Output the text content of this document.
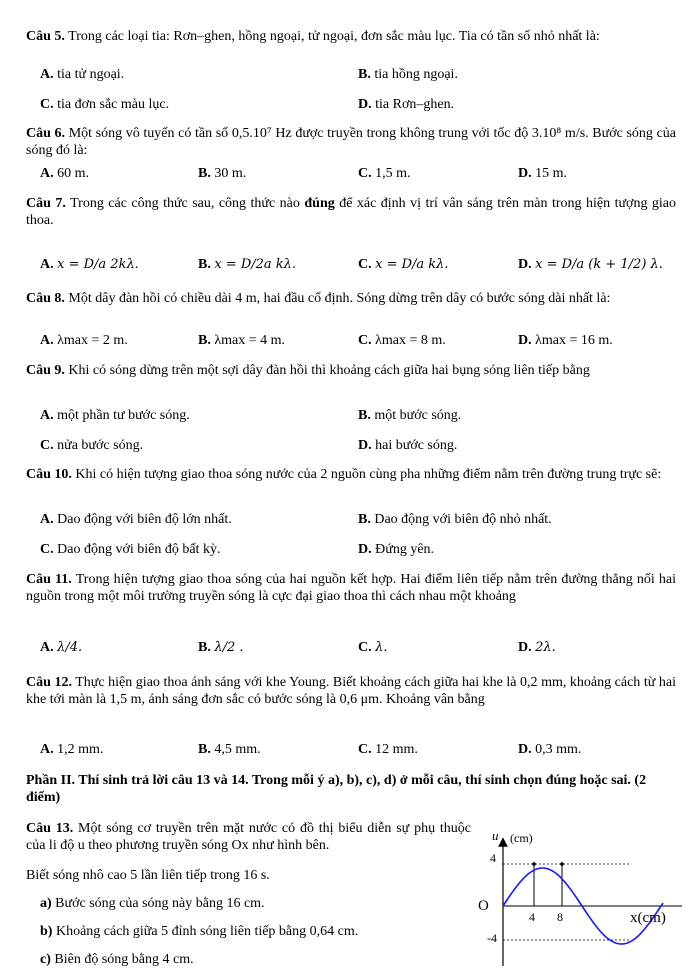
Câu 5. Trong các loại tia: Rơn–ghen, hồng ngoại, tử ngoại, đơn sắc màu lục. Tia có tần số nhỏ nhất là:
A. tia tử ngoại.	B. tia hồng ngoại.
C. tia đơn sắc màu lục.	D. tia Rơn–ghen.
Câu 6. Một sóng vô tuyến có tần số 0,5.10⁷ Hz được truyền trong không trung với tốc độ 3.10⁸ m/s. Bước sóng của sóng đó là:
A. 60 m.	B. 30 m.	C. 1,5 m.	D. 15 m.
Câu 7. Trong các công thức sau, công thức nào đúng để xác định vị trí vân sáng trên màn trong hiện tượng giao thoa.
A. x = D/a 2kλ.	B. x = D/2a kλ.	C. x = D/a kλ.	D. x = D/a (k + 1/2) λ.
Câu 8. Một dây đàn hồi có chiều dài 4 m, hai đầu cố định. Sóng dừng trên dây có bước sóng dài nhất là:
A. λmax = 2 m.	B. λmax = 4 m.	C. λmax = 8 m.	D. λmax = 16 m.
Câu 9. Khi có sóng dừng trên một sợi dây đàn hồi thì khoảng cách giữa hai bụng sóng liên tiếp bằng
A. một phần tư bước sóng.	B. một bước sóng.
C. nửa bước sóng.	D. hai bước sóng.
Câu 10. Khi có hiện tượng giao thoa sóng nước của 2 nguồn cùng pha những điểm nằm trên đường trung trực sẽ:
A. Dao động với biên độ lớn nhất.	B. Dao động với biên độ nhỏ nhất.
C. Dao động với biên độ bất kỳ.	D. Đứng yên.
Câu 11. Trong hiện tượng giao thoa sóng của hai nguồn kết hợp. Hai điểm liên tiếp nằm trên đường thẳng nối hai nguồn trong một môi trường truyền sóng là cực đại giao thoa thì cách nhau một khoảng
A. λ/4.	B. λ/2 .	C. λ.	D. 2λ.
Câu 12. Thực hiện giao thoa ánh sáng với khe Young. Biết khoảng cách giữa hai khe là 0,2 mm, khoảng cách từ hai khe tới màn là 1,5 m, ánh sáng đơn sắc có bước sóng là 0,6 μm. Khoảng vân bằng
A. 1,2 mm.	B. 4,5 mm.	C. 12 mm.	D. 0,3 mm.
Phần II. Thí sinh trả lời câu 13 và 14. Trong mỗi ý a), b), c), d) ở mỗi câu, thí sinh chọn đúng hoặc sai. (2 điểm)
Câu 13. Một sóng cơ truyền trên mặt nước có đồ thị biểu diễn sự phụ thuộc của li độ u theo phương truyền sóng Ox như hình bên.
Biết sóng nhô cao 5 lần liên tiếp trong 16 s.
a) Bước sóng của sóng này bằng 16 cm.
b) Khoảng cách giữa 5 đỉnh sóng liên tiếp bằng 0,64 cm.
c) Biên độ sóng bằng 4 cm.
u (cm)
4
-4
O
4 8	x(cm)
